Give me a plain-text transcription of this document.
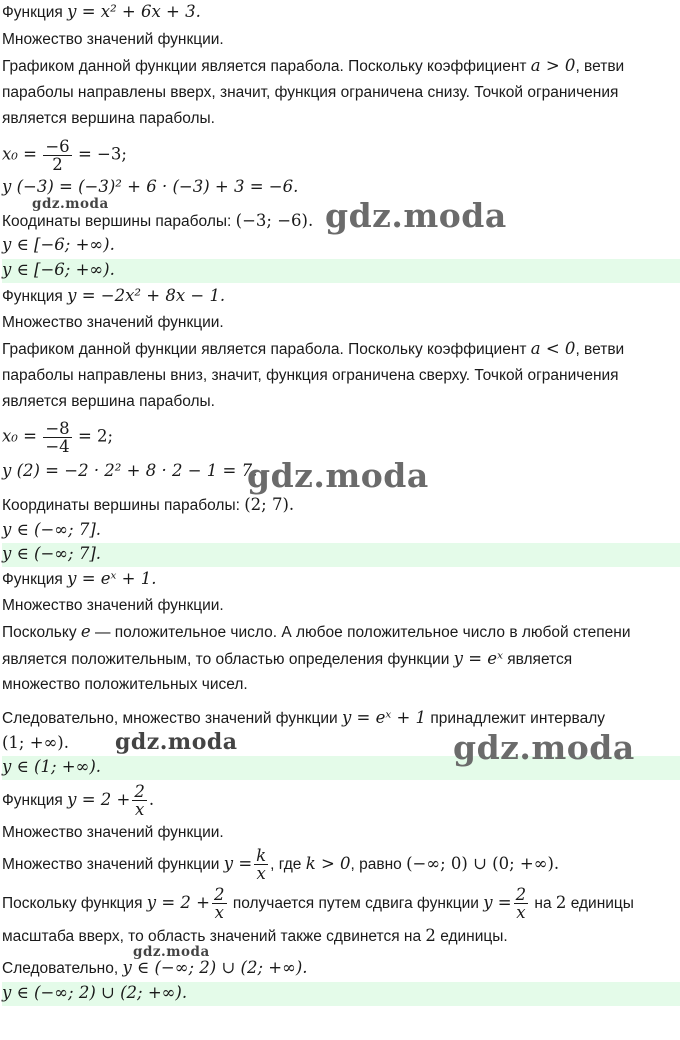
Функция y = x² + 6x + 3.
Множество значений функции.
Графиком данной функции является парабола. Поскольку коэффициент a > 0, ветви
параболы направлены вверх, значит, функция ограничена снизу. Точкой ограничения
является вершина параболы.
$x_0 = \frac{-6}{2} = -3$;
y (−3) = (−3)² + 6 · (−3) + 3 = −6.
Коодинаты вершины параболы: (−3; −6).
y ∈ [−6; +∞).
y ∈ [−6; +∞).
Функция y = −2x² + 8x − 1.
Множество значений функции.
Графиком данной функции является парабола. Поскольку коэффициент a < 0, ветви
параболы направлены вниз, значит, функция ограничена сверху. Точкой ограничения
является вершина параболы.
$x_0 = \frac{-8}{-4} = 2$;
y (2) = −2 · 2² + 8 · 2 − 1 = 7.
Координаты вершины параболы: (2; 7).
y ∈ (−∞; 7].
y ∈ (−∞; 7].
Функция y = eˣ + 1.
Множество значений функции.
Поскольку e — положительное число. А любое положительное число в любой степени
является положительным, то областью определения функции y = eˣ является
множество положительных чисел.
Следовательно, множество значений функции y = eˣ + 1 принадлежит интервалу
(1; +∞).
y ∈ (1; +∞).
Функция $y = 2 + \frac{2}{x}$ .
Множество значений функции.
Множество значений функции $y = \frac{k}{x}$ , где k > 0, равно (−∞; 0) ∪ (0; +∞).
Поскольку функция $y = 2 + \frac{2}{x}$ получается путем сдвига функции $y = \frac{2}{x}$ на 2 единицы
масштаба вверх, то область значений также сдвинется на 2 единицы.
Следовательно, y ∈ (−∞; 2) ∪ (2; +∞).
y ∈ (−∞; 2) ∪ (2; +∞).
gdz.moda	gdz.moda
gdz.moda
gdz.moda	gdz.moda
gdz.moda
